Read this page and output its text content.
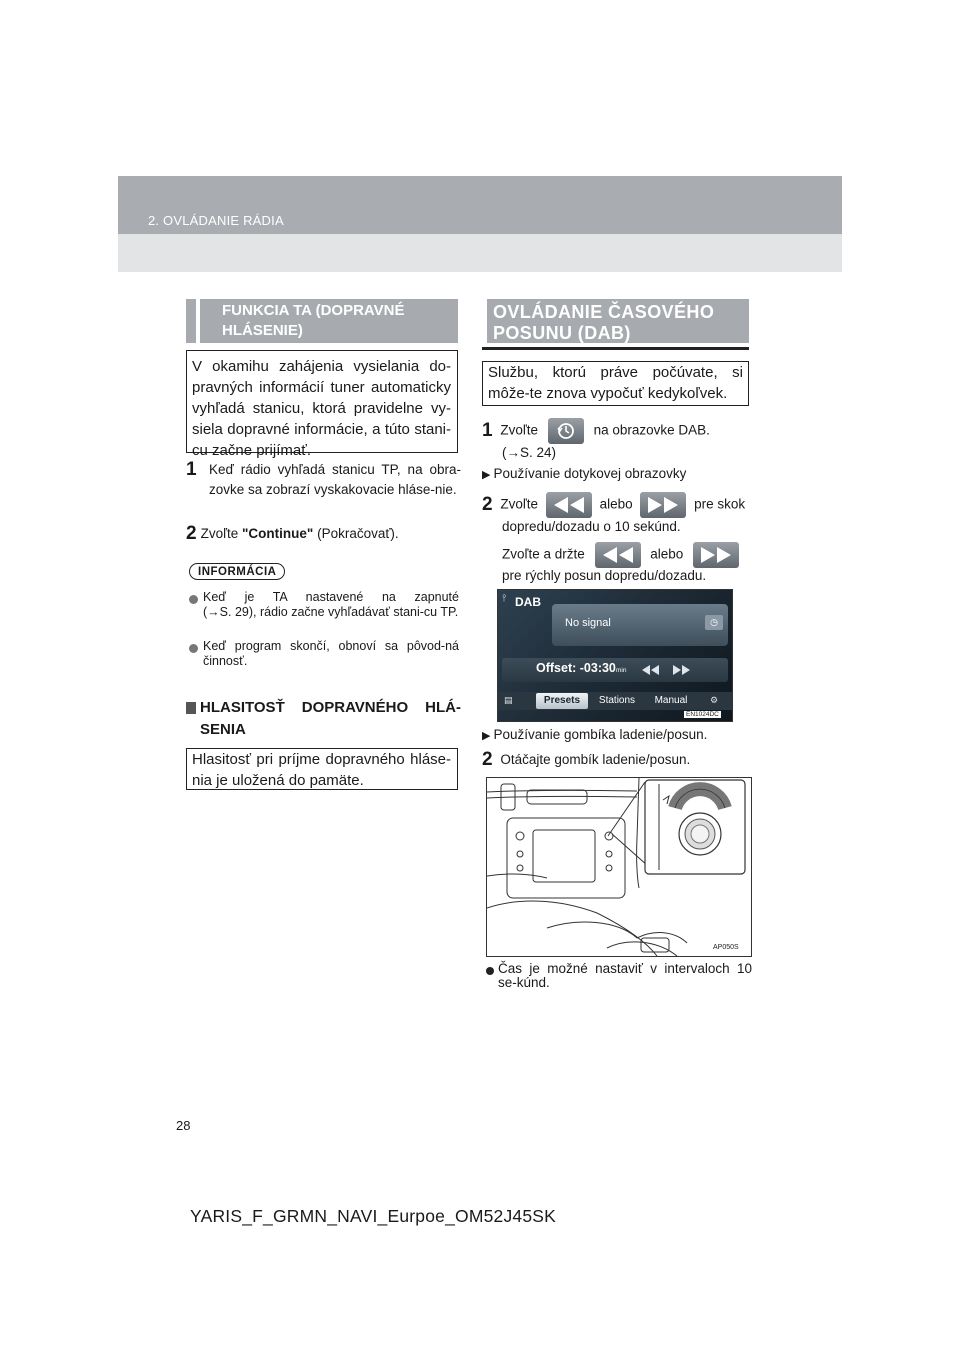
2. OVLÁDANIE RÁDIA
FUNKCIA TA (DOPRAVNÉ
HLÁSENIE)
V okamihu zahájenia vysielania do-pravných informácií tuner automaticky vyhľadá stanicu, ktorá pravidelne vy-siela dopravné informácie, a túto stani-cu začne prijímať.
1 Keď rádio vyhľadá stanicu TP, na obra-zovke sa zobrazí vyskakovacie hláse-nie.
2 Zvoľte "Continue" (Pokračovať).
INFORMÁCIA
Keď je TA nastavené na zapnuté
(→S. 29), rádio začne vyhľadávať stani-cu TP.
Keď program skončí, obnoví sa pôvod-ná činnosť.
HLASITOSŤ DOPRAVNÉHO HLÁ-
SENIA
Hlasitosť pri príjme dopravného hláse-nia je uložená do pamäte.
OVLÁDANIE ČASOVÉHO
POSUNU (DAB)
Službu, ktorú práve počúvate, si môže-te znova vypočuť kedykoľvek.
1 Zvoľte	na obrazovke DAB.
(→S. 24)
▶ Používanie dotykovej obrazovky
2 Zvoľte	alebo	pre skok
dopredu/dozadu o 10 sekúnd.
Zvoľte a držte	alebo
pre rýchly posun dopredu/dozadu.
⫯ DAB
No signal	◷
Offset: -03:30 min
▤	Presets	Stations	Manual	⚙
EN1024DC
▶ Používanie gombíka ladenie/posun.
2 Otáčajte gombík ladenie/posun.
AP050S
Čas je možné nastaviť v intervaloch 10 se-kúnd.
28
YARIS_F_GRMN_NAVI_Eurpoe_OM52J45SK
